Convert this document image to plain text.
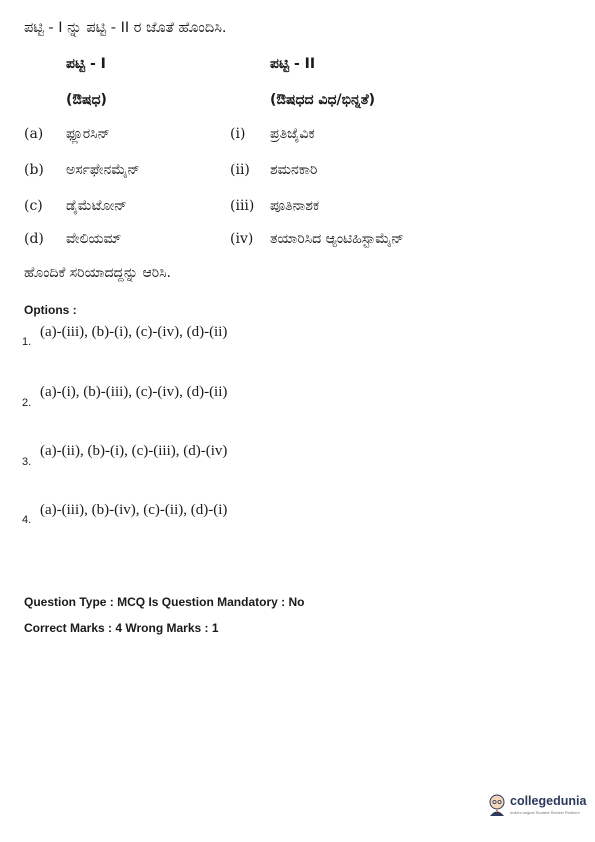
ಪಟ್ಟಿ - I ನ್ನು ಪಟ್ಟಿ - II ರ ಜೊತೆ ಹೊಂದಿಸಿ.
ಪಟ್ಟಿ - I	ಪಟ್ಟಿ - II
(ಔಷಧ)	(ಔಷಧದ ವಿಧ/ಭಿನ್ನತೆ)
(a) ಫ್ಲೂರಸಿನ್	(i) ಪ್ರತಿಜೈವಿಕ
(b) ಅರ್ಸಫೇನಮೈನ್	(ii) ಶಮನಕಾರಿ
(c) ಡೈಮೆಟೋನ್	(iii) ಪೂತಿನಾಶಕ
(d) ವೇಲಿಯಮ್	(iv) ತಯಾರಿಸಿದ ಆ್ಯಂಟಿಹಿಸ್ಟಾಮೈನ್
ಹೊಂದಿಕೆ ಸರಿಯಾದದ್ದನ್ನು ಆರಿಸಿ.
Options :
1.
(a)-(iii), (b)-(i), (c)-(iv), (d)-(ii)
2.
(a)-(i), (b)-(iii), (c)-(iv), (d)-(ii)
3.
(a)-(ii), (b)-(i), (c)-(iii), (d)-(iv)
4.
(a)-(iii), (b)-(iv), (c)-(ii), (d)-(i)
Question Type : MCQ Is Question Mandatory : No
Correct Marks : 4 Wrong Marks : 1
collegedunia
India's largest Student Review Platform
